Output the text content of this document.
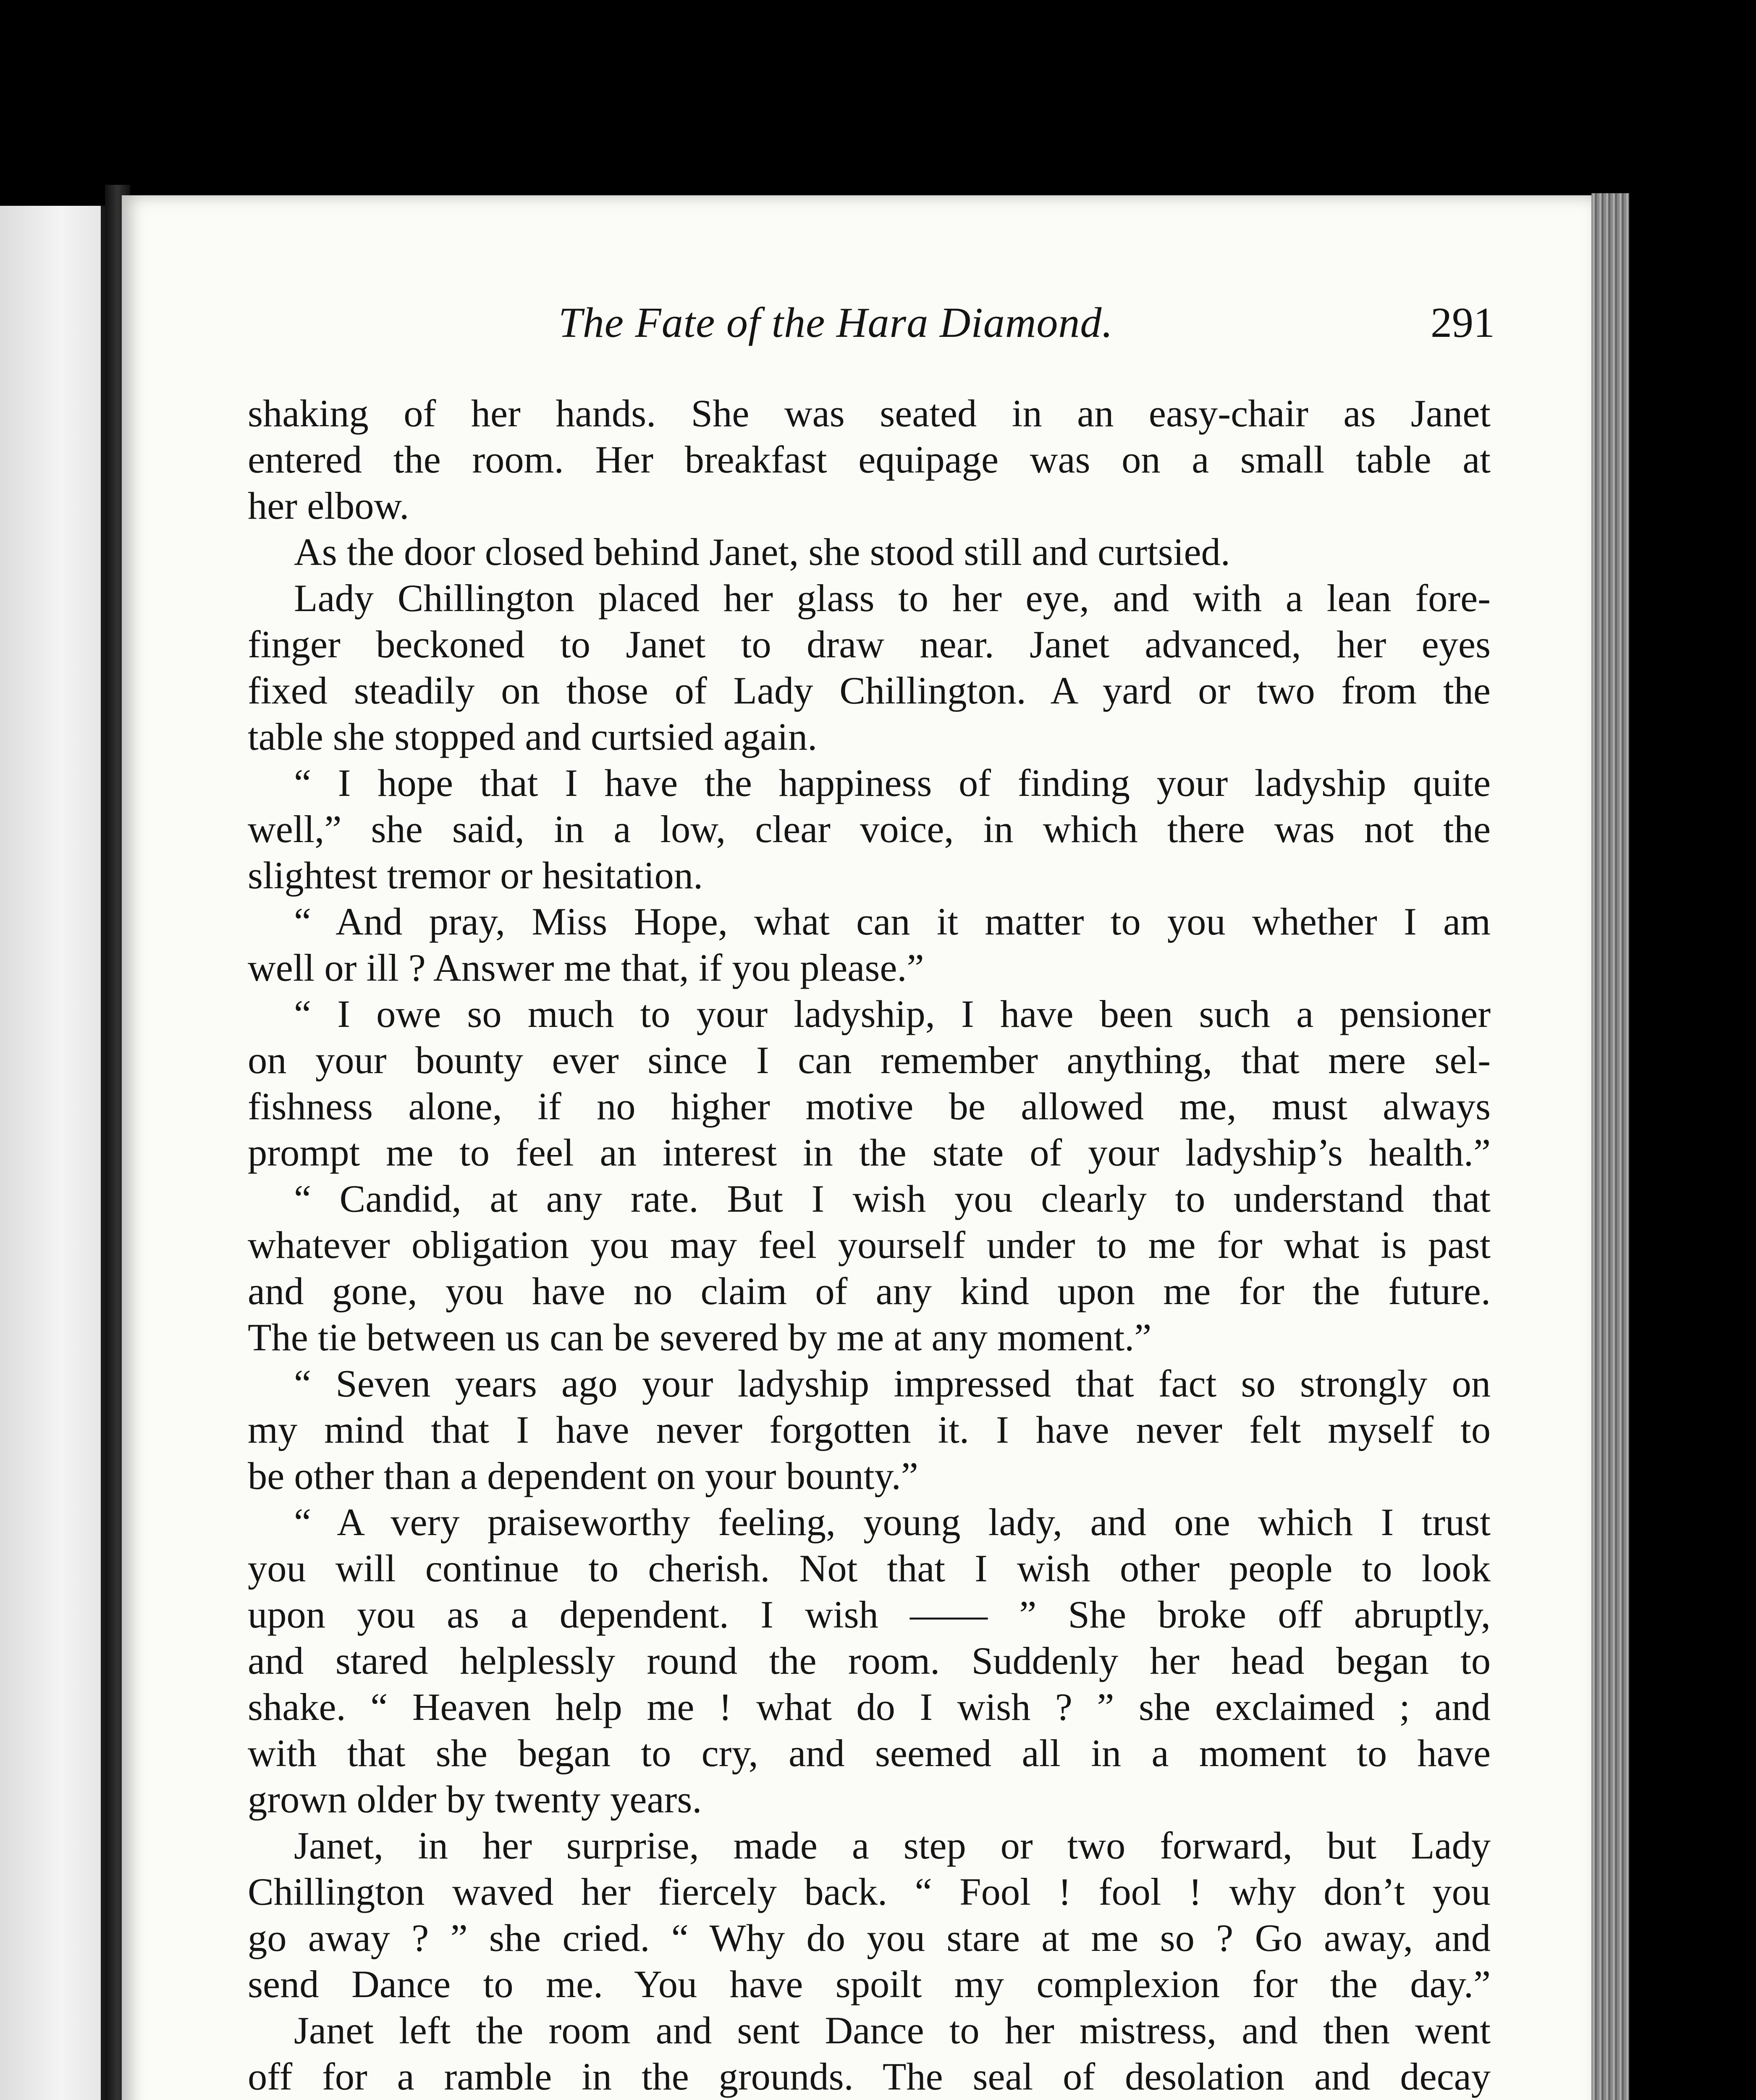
The Fate of the Hara Diamond.	291
shaking of her hands. She was seated in an easy-chair as Janet
entered the room. Her breakfast equipage was on a small table at
her elbow.
As the door closed behind Janet, she stood still and curtsied.
Lady Chillington placed her glass to her eye, and with a lean fore-
finger beckoned to Janet to draw near. Janet advanced, her eyes
fixed steadily on those of Lady Chillington. A yard or two from the
table she stopped and curtsied again.
“ I hope that I have the happiness of finding your ladyship quite
well,” she said, in a low, clear voice, in which there was not the
slightest tremor or hesitation.
“ And pray, Miss Hope, what can it matter to you whether I am
well or ill ? Answer me that, if you please.”
“ I owe so much to your ladyship, I have been such a pensioner
on your bounty ever since I can remember anything, that mere sel-
fishness alone, if no higher motive be allowed me, must always
prompt me to feel an interest in the state of your ladyship’s health.”
“ Candid, at any rate. But I wish you clearly to understand that
whatever obligation you may feel yourself under to me for what is past
and gone, you have no claim of any kind upon me for the future.
The tie between us can be severed by me at any moment.”
“ Seven years ago your ladyship impressed that fact so strongly on
my mind that I have never forgotten it. I have never felt myself to
be other than a dependent on your bounty.”
“ A very praiseworthy feeling, young lady, and one which I trust
you will continue to cherish. Not that I wish other people to look
upon you as a dependent. I wish —— ” She broke off abruptly,
and stared helplessly round the room. Suddenly her head began to
shake. “ Heaven help me ! what do I wish ? ” she exclaimed ; and
with that she began to cry, and seemed all in a moment to have
grown older by twenty years.
Janet, in her surprise, made a step or two forward, but Lady
Chillington waved her fiercely back. “ Fool ! fool ! why don’t you
go away ? ” she cried. “ Why do you stare at me so ? Go away, and
send Dance to me. You have spoilt my complexion for the day.”
Janet left the room and sent Dance to her mistress, and then went
off for a ramble in the grounds. The seal of desolation and decay
